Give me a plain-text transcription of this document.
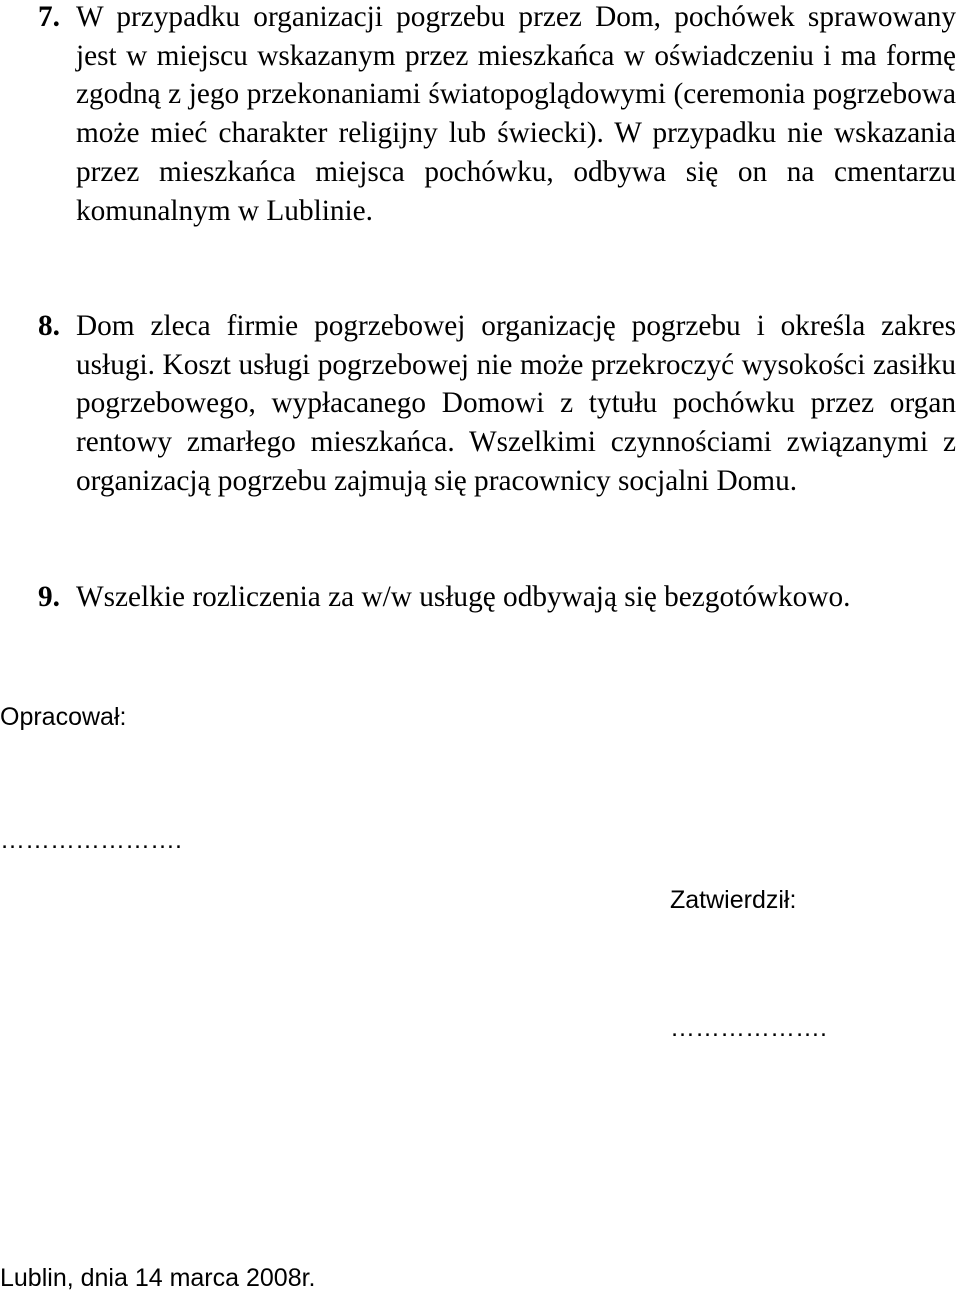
7. W przypadku organizacji pogrzebu przez Dom, pochówek sprawowany jest w miejscu wskazanym przez mieszkańca w oświadczeniu i ma formę zgodną z jego przekonaniami światopoglądowymi (ceremonia pogrzebowa może mieć charakter religijny lub świecki). W przypadku nie wskazania przez mieszkańca miejsca pochówku, odbywa się on na cmentarzu komunalnym w Lublinie.
8. Dom zleca firmie pogrzebowej organizację pogrzebu i określa zakres usługi. Koszt usługi pogrzebowej nie może przekroczyć wysokości zasiłku pogrzebowego, wypłacanego Domowi z tytułu pochówku przez organ rentowy zmarłego mieszkańca. Wszelkimi czynnościami związanymi z organizacją pogrzebu zajmują się pracownicy socjalni Domu.
9. Wszelkie rozliczenia za w/w usługę odbywają się bezgotówkowo.
Opracował:
………………….
Zatwierdził:
……………….
Lublin, dnia 14 marca 2008r.
